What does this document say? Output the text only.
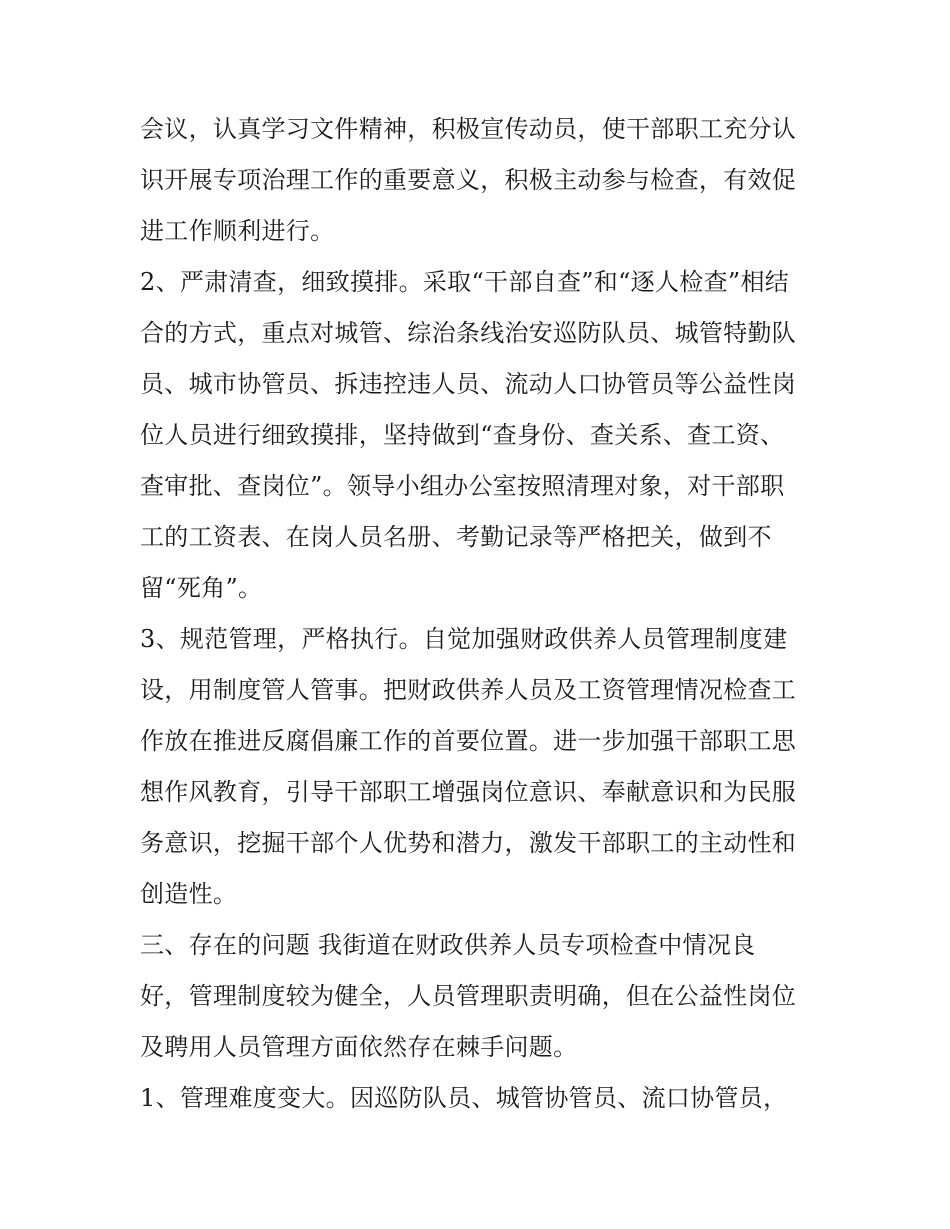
会议，认真学习文件精神，积极宣传动员，使干部职工充分认
识开展专项治理工作的重要意义，积极主动参与检查，有效促
进工作顺利进行。
2、严肃清查，细致摸排。采取“干部自查”和“逐人检查”相结
合的方式，重点对城管、综治条线治安巡防队员、城管特勤队
员、城市协管员、拆违控违人员、流动人口协管员等公益性岗
位人员进行细致摸排，坚持做到“查身份、查关系、查工资、
查审批、查岗位”。领导小组办公室按照清理对象，对干部职
工的工资表、在岗人员名册、考勤记录等严格把关，做到不
留“死角”。
3、规范管理，严格执行。自觉加强财政供养人员管理制度建
设，用制度管人管事。把财政供养人员及工资管理情况检查工
作放在推进反腐倡廉工作的首要位置。进一步加强干部职工思
想作风教育，引导干部职工增强岗位意识、奉献意识和为民服
务意识，挖掘干部个人优势和潜力，激发干部职工的主动性和
创造性。
三、存在的问题 我街道在财政供养人员专项检查中情况良
好，管理制度较为健全，人员管理职责明确，但在公益性岗位
及聘用人员管理方面依然存在棘手问题。
1、管理难度变大。因巡防队员、城管协管员、流口协管员，
